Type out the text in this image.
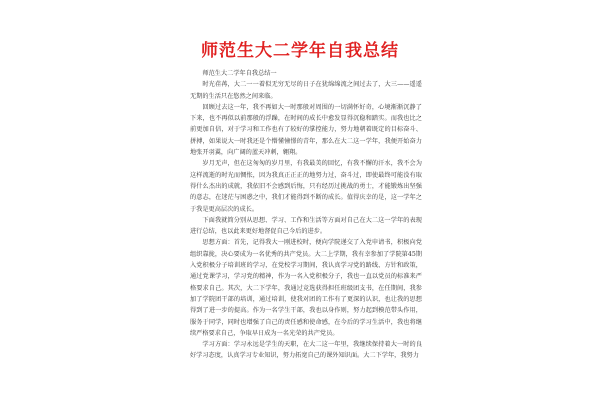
师范生大二学年自我总结

师范生大二学年自我总结一

时光荏苒，大二一一着似无穷无尽的日子在犹绵绵流之间过去了，大三——遥遥无期的生活只在悠然之间来临。

回顾过去这一年，我不再如大一时那般对周围的一切满怀好奇，心境渐渐沉静了下来，也不再似以前那般的浮躁，在时间的成长中愈发显得沉稳和踏实。而我也比之前更加自信，对于学习和工作也有了较好的掌控能力，努力地朝着既定的目标奋斗、拼搏，如果说大一时我还是个懵懂憧憬的青年，那么在大二这一学年，我便开始奋力地张开羽翼，向广阔的蓝天冲刺，翱翔。

岁月无声，但在这匆匆的岁月里，有我最美的回忆，有我不懈的汗水，我不会为这样流逝的时光而惆怅，因为我真正正正的地努力过，奋斗过，即使最终可能没有取得什么杰出的成就，我依旧不会感到后悔，只有经历过挑战的勇士，才能锻炼出坚强的意志，在迷茫与困惑之中，我们才能得到不断的成长。值得庆幸的是，这一学年之于我是更高层次的成长。

下面我就简分别从思想、学习、工作和生活等方面对自己在大二这一学年的表现进行总结，也以此来更好地督促自己今后的进步。

思想方面：首先，记得我大一刚进校时，便向学院递交了入党申请书，积极向党组织靠拢，决心要成为一名优秀的共产党员。大二上学期，我有幸参加了学院第45期入党积极分子培训班的学习，在党校学习期间，我认真学习党的路线、方针和政策，通过党课学习，学习党的精神，作为一名入党积极分子，我也一直以党员的标准来严格要求自己。其次，大二下学年，我通过竞选获得担任班级团支书，在任期间，我参加了学院团干部的培训，通过培训，使我对团的工作有了更深的认识，也让我的思想得到了进一步的提高。作为一名学生干部，我也以身作则，努力起到模范带头作用，服务于同学，同时也增强了自己的责任感和使命感，在今后的学习生活中，我也将继续严格要求自己，争取早日成为一名光荣的共产党员。

学习方面：学习永远是学生的天职，在大二这一年里，我继续保持着大一时的良好学习态度，认真学习专业知识，努力拓宽自己的课外知识面。大二下学年，我努力
